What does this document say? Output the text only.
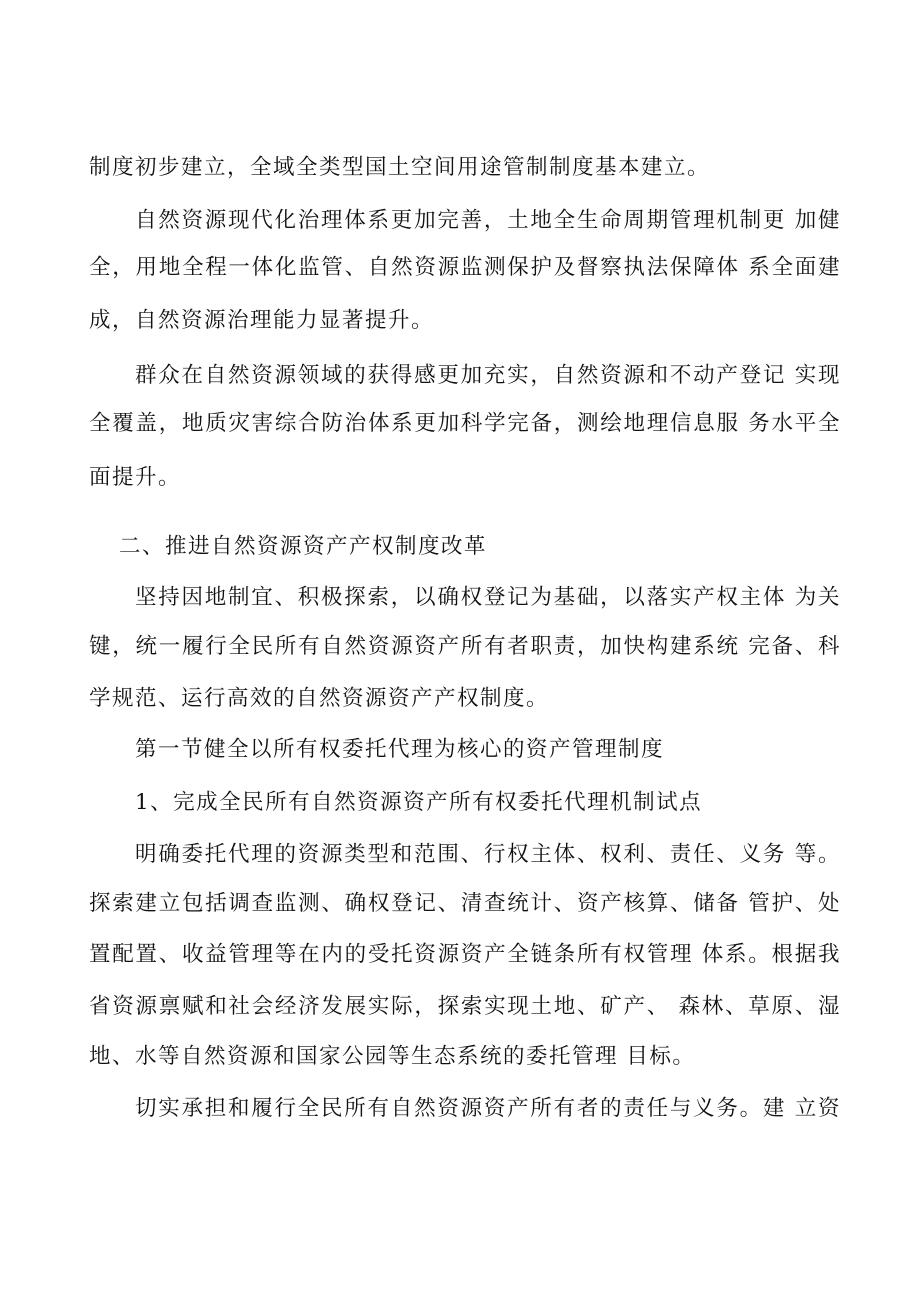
制度初步建立，全域全类型国土空间用途管制制度基本建立。
自然资源现代化治理体系更加完善，土地全生命周期管理机制更 加健
全，用地全程一体化监管、自然资源监测保护及督察执法保障体 系全面建
成，自然资源治理能力显著提升。
群众在自然资源领域的获得感更加充实，自然资源和不动产登记 实现
全覆盖，地质灾害综合防治体系更加科学完备，测绘地理信息服 务水平全
面提升。
二、推进自然资源资产产权制度改革
坚持因地制宜、积极探索，以确权登记为基础，以落实产权主体 为关
键，统一履行全民所有自然资源资产所有者职责，加快构建系统 完备、科
学规范、运行高效的自然资源资产产权制度。
第一节健全以所有权委托代理为核心的资产管理制度
1、完成全民所有自然资源资产所有权委托代理机制试点
明确委托代理的资源类型和范围、行权主体、权利、责任、义务 等。
探索建立包括调查监测、确权登记、清查统计、资产核算、储备 管护、处
置配置、收益管理等在内的受托资源资产全链条所有权管理 体系。根据我
省资源禀赋和社会经济发展实际，探索实现土地、矿产、 森林、草原、湿
地、水等自然资源和国家公园等生态系统的委托管理 目标。
切实承担和履行全民所有自然资源资产所有者的责任与义务。建 立资
